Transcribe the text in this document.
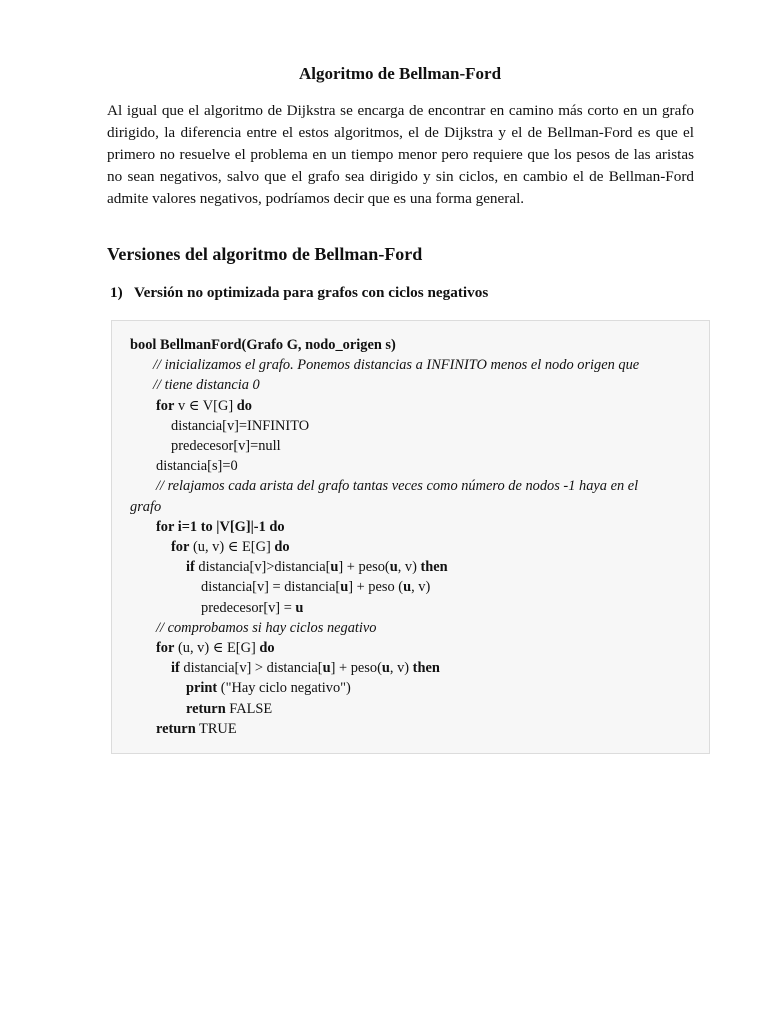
Algoritmo de Bellman-Ford

Al igual que el algoritmo de Dijkstra se encarga de encontrar en camino más corto en un grafo dirigido, la diferencia entre el estos algoritmos, el de Dijkstra y el de Bellman-Ford es que el primero no resuelve el problema en un tiempo menor pero requiere que los pesos de las aristas no sean negativos, salvo que el grafo sea dirigido y sin ciclos, en cambio el de Bellman-Ford admite valores negativos, podríamos decir que es una forma general.

Versiones del algoritmo de Bellman-Ford
1) Versión no optimizada para grafos con ciclos negativos
bool BellmanFord(Grafo G, nodo_origen s)
// inicializamos el grafo. Ponemos distancias a INFINITO menos el nodo origen que
// tiene distancia 0
for v ∈ V[G] do
distancia[v]=INFINITO
predecesor[v]=null
distancia[s]=0
// relajamos cada arista del grafo tantas veces como número de nodos -1 haya en el
grafo
for i=1 to |V[G]|-1 do
for (u, v) ∈ E[G] do
if distancia[v]>distancia[u] + peso(u, v) then
distancia[v] = distancia[u] + peso (u, v)
predecesor[v] = u
// comprobamos si hay ciclos negativo
for (u, v) ∈ E[G] do
if distancia[v] > distancia[u] + peso(u, v) then
print ("Hay ciclo negativo")
return FALSE
return TRUE
